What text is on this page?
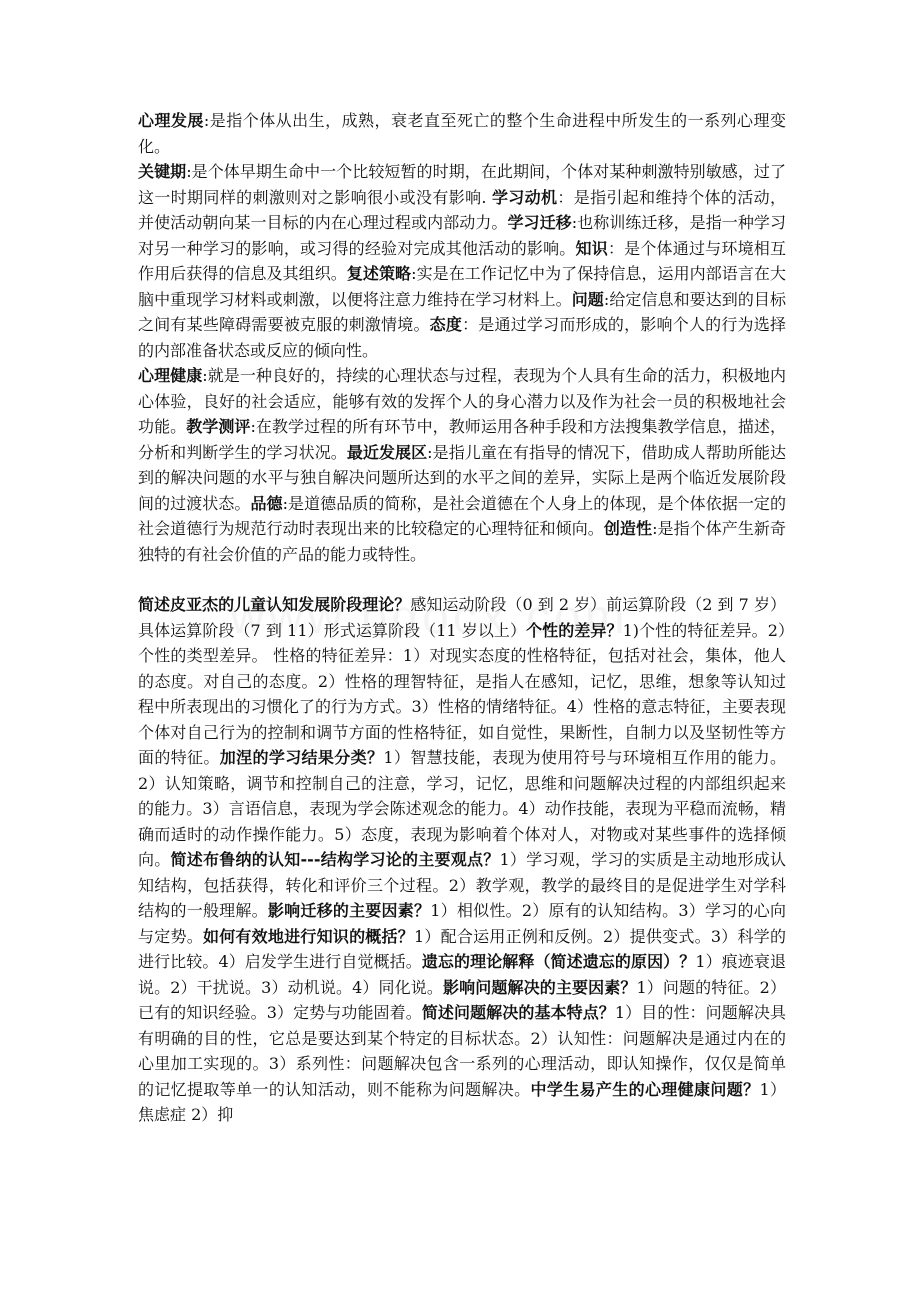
心理发展:是指个体从出生，成熟，衰老直至死亡的整个生命进程中所发生的一系列心理变化。

关键期:是个体早期生命中一个比较短暂的时期，在此期间，个体对某种刺激特别敏感，过了这一时期同样的刺激则对之影响很小或没有影响. 学习动机：是指引起和维持个体的活动，并使活动朝向某一目标的内在心理过程或内部动力。学习迁移:也称训练迁移，是指一种学习对另一种学习的影响，或习得的经验对完成其他活动的影响。知识：是个体通过与环境相互作用后获得的信息及其组织。复述策略:实是在工作记忆中为了保持信息，运用内部语言在大脑中重现学习材料或刺激，以便将注意力维持在学习材料上。问题:给定信息和要达到的目标之间有某些障碍需要被克服的刺激情境。态度：是通过学习而形成的，影响个人的行为选择的内部准备状态或反应的倾向性。

心理健康:就是一种良好的，持续的心理状态与过程，表现为个人具有生命的活力，积极地内心体验，良好的社会适应，能够有效的发挥个人的身心潜力以及作为社会一员的积极地社会功能。教学测评:在教学过程的所有环节中，教师运用各种手段和方法搜集教学信息，描述，分析和判断学生的学习状况。最近发展区:是指儿童在有指导的情况下，借助成人帮助所能达到的解决问题的水平与独自解决问题所达到的水平之间的差异，实际上是两个临近发展阶段间的过渡状态。品德:是道德品质的简称，是社会道德在个人身上的体现，是个体依据一定的社会道德行为规范行动时表现出来的比较稳定的心理特征和倾向。创造性:是指个体产生新奇独特的有社会价值的产品的能力或特性。

简述皮亚杰的儿童认知发展阶段理论？感知运动阶段（0 到 2 岁）前运算阶段（2 到 7 岁）具体运算阶段（7 到 11）形式运算阶段（11 岁以上）个性的差异？1)个性的特征差异。2）个性的类型差异。 性格的特征差异：1）对现实态度的性格特征，包括对社会，集体，他人的态度。对自己的态度。2）性格的理智特征，是指人在感知，记忆，思维，想象等认知过程中所表现出的习惯化了的行为方式。3）性格的情绪特征。4）性格的意志特征，主要表现个体对自己行为的控制和调节方面的性格特征，如自觉性，果断性，自制力以及坚韧性等方面的特征。加涅的学习结果分类？1）智慧技能，表现为使用符号与环境相互作用的能力。2）认知策略，调节和控制自己的注意，学习，记忆，思维和问题解决过程的内部组织起来的能力。3）言语信息，表现为学会陈述观念的能力。4）动作技能，表现为平稳而流畅，精确而适时的动作操作能力。5）态度，表现为影响着个体对人，对物或对某些事件的选择倾向。简述布鲁纳的认知---结构学习论的主要观点？1）学习观，学习的实质是主动地形成认知结构，包括获得，转化和评价三个过程。2）教学观，教学的最终目的是促进学生对学科结构的一般理解。影响迁移的主要因素？1）相似性。2）原有的认知结构。3）学习的心向与定势。如何有效地进行知识的概括？1）配合运用正例和反例。2）提供变式。3）科学的进行比较。4）启发学生进行自觉概括。遗忘的理论解释（简述遗忘的原因）？1）痕迹衰退说。2）干扰说。3）动机说。4）同化说。影响问题解决的主要因素？1）问题的特征。2）已有的知识经验。3）定势与功能固着。简述问题解决的基本特点？1）目的性：问题解决具有明确的目的性，它总是要达到某个特定的目标状态。2）认知性：问题解决是通过内在的心里加工实现的。3）系列性：问题解决包含一系列的心理活动，即认知操作，仅仅是简单的记忆提取等单一的认知活动，则不能称为问题解决。中学生易产生的心理健康问题？1）焦虑症 2）抑
